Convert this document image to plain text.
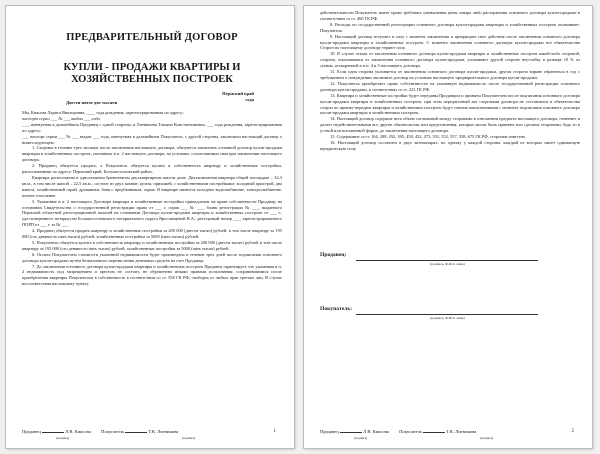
ПРЕДВАРИТЕЛЬНЫЙ ДОГОВОР
КУПЛИ - ПРОДАЖИ КВАРТИРЫ И
ХОЗЯЙСТВЕННЫХ ПОСТРОЕК
Пермский край
года
Двести пятое две тысячи

Мы, Киясова Лариса Викторовна, ____ года рождения, зарегистрированная по адресу:

паспорт серии ___ № ___ выдан ___ года

___, именуемая в дальнейшем Продавец с одной стороны, и Литвинова Татьяна Константиновна, ___ года рождения, зарегистрированная по адресу:

___ паспорт серии ___ № ___ выдан ___ года, именуемая в дальнейшем Покупатель, с другой стороны, заключили настоящий договор о нижеследующем:

1. Стороны в течение трех месяцев после заключения настоящего договора, обязуются заключить основной договор купли-продажи квартиры и хозяйственных построек, указанных в п. 2 настоящего договора, на условиях, согласованных ими при заключении настоящего договора.

2. Продавец обязуется продать, а Покупатель обязуется купить в собственность квартиру и хозяйственные постройки, расположенные по адресу: Пермский край, Большесосновский район,

Квартира расположена в одноэтажном бревенчатом двухквартирном жилом доме. Двухкомнатная квартира общей площадью – 32,3 кв.м., в том числе жилой – 22,5 кв.м., состоит из двух комнат, кухни, прихожей, с хозяйственными постройками: холодный пристрой, два навеса, хозяйственный сарай, дровяники, баня с предбанником, гараж. В квартире имеются холодное водоснабжение, электроснабжение, печное отопление.

3. Указанные в п. 2 настоящего Договора квартира и хозяйственные постройки принадлежат на праве собственности Продавцу на основании Свидетельства о государственной регистрации права от ___ г. серия ___ № ___, бланк регистрации № ___, выданного Пермской областной регистрационной палатой на основании Договора купли-продажи квартиры и хозяйственных построек от ___ г., удостоверенного нотариусом Большесосновского нотариального округа Ярославцевой В.А., реестровый номер ___, зарегистрированного ПОРП от ___ г. за № ___.

4. Продавец обязуется продать квартиру и хозяйственные постройки за 200 000 (двести тысяч) рублей, в том числе квартиру за 195 000 (сто девяносто пять тысяч) рублей, хозяйственные постройки за 5000 (пять тысяч) рублей.

5. Покупатель обязуется купить в собственность квартиру и хозяйственные постройки за 200 000 (двести тысяч) рублей, в том числе квартиру за 195 000 (сто девяносто пять тысяч) рублей, хозяйственные постройки за 5000 (пять тысяч) рублей.

6. Оплата Покупателем стоимости указанной недвижимости будет произведена в течение трёх дней после подписания основного договора купли-продажи путём безналичного перечисления денежных средств на счет Продавца.

7. До заключения основного договора купли-продажи квартиры и хозяйственных построек Продавец гарантирует, что указанная в п. 2 недвижимость под запрещением и арестом не состоит, не обременена иными правами пользования; сохранившимися после приобретения квартиры Покупателем в собственность в соответствии со ст. 558 ГК РФ; свободна от любых прав третьих лиц. В случае несоответствия настоящему пункту

Продавец	Л.В. Киясова Покупатель	Т.К. Литвинова
(подпись)	(подпись)
1

действительности Покупатель имеет право требовать уменьшения цены товара либо расторжения основного договора купли-продажи в соответствии со ст. 460 ГК РФ.

8. Расходы по государственной регистрации основного договора купли-продажи квартиры и хозяйственных построек оплачивает: Покупатель.

9. Настоящий договор вступает в силу с момента заключения и прекращает свое действие после заключения основного договора купли-продажи квартиры и хозяйственных построек. С момента заключения основного договора купли-продажи все обязательства Сторон по настоящему договору теряют силу.

10. В случае отказа от заключения основного договора купли-продажи квартиры и хозяйственных построек какой-либо стороной, сторона, отказавшаяся от заключения основного договора купли-продажи, уплачивает другой стороне неустойку в размере 10 % от суммы, оговоренной в п.п. 4 и 5 настоящего договора.

11. Если одна сторона уклоняется от заключения основного договора купли-продажи, другая сторона вправе обратиться в суд с требованием о понуждении заключить договор на условиях настоящего предварительного договора купли-продажи.

12. Покупатель приобретает право собственности на указанную недвижимость после государственной регистрации основного договора купли-продажи, в соответствии со ст. 223 ГК РФ.

13. Квартира и хозяйственные постройки будут переданы Продавцом и приняты Покупателем после подписания основного договора купли-продажи квартиры и хозяйственных построек, при этом передаточный акт сторонами договора не составлялся и обязательства сторон по приему-передаче квартиры и хозяйственных построек будут считать выполненными с момента подписания основного договора купли-продажи квартиры и хозяйственных построек.

14. Настоящий договор содержит весь объем соглашений между сторонами в отношении предмета настоящего договора, отменяет и делает недействительными все другие обязательства или представления, которые могли быть приняты или сделаны сторонами, будь то в устной или письменной форме, до заключения настоящего договора.

15. Содержание ст.ст. 164, 288, 292, 395, 450, 452, 475, 551, 552, 557, 558, 675 ГК РФ, сторонам известно.

16. Настоящий договор составлен в двух экземплярах, по одному у каждой стороны, каждый из которых имеет одинаковую юридическую силу.

Продавец:
(подпись, Ф.И.О. лица)
Покупатель:
(подпись, Ф.И.О. лица)
Продавец	Л.В. Киясова Покупатель	Т.К. Литвинова
(подпись)	(подпись)
2
